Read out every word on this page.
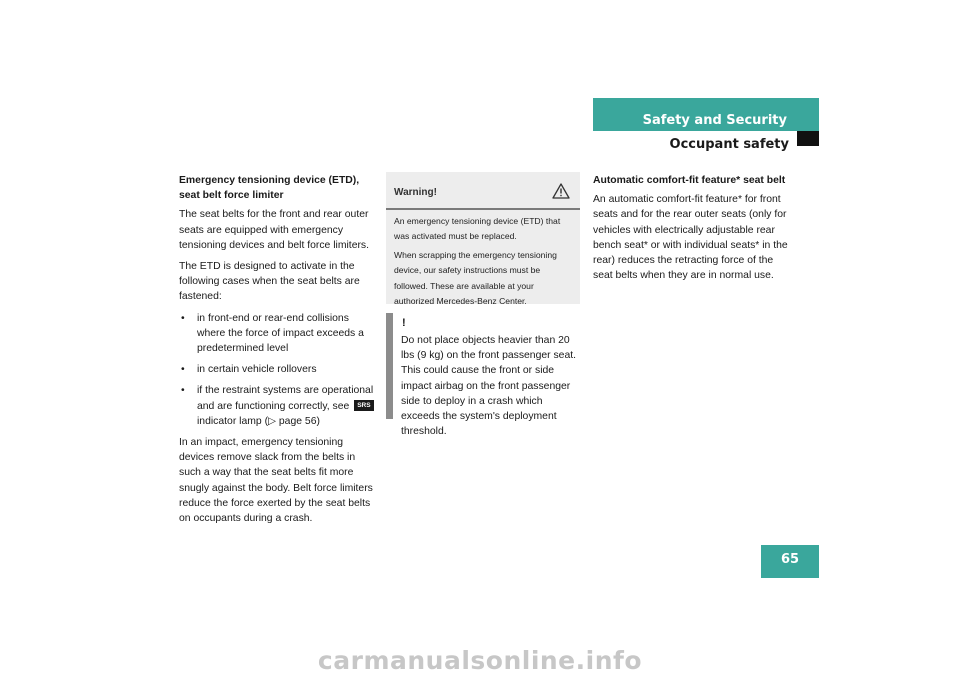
Safety and Security
Occupant safety
Emergency tensioning device (ETD), seat belt force limiter

The seat belts for the front and rear outer seats are equipped with emergency tensioning devices and belt force limiters.

The ETD is designed to activate in the following cases when the seat belts are fastened:

• in front-end or rear-end collisions where the force of impact exceeds a predetermined level
• in certain vehicle rollovers
• if the restraint systems are operational and are functioning correctly, see SRS indicator lamp (▷ page 56)

In an impact, emergency tensioning devices remove slack from the belts in such a way that the seat belts fit more snugly against the body. Belt force limiters reduce the force exerted by the seat belts on occupants during a crash.

Warning!

An emergency tensioning device (ETD) that was activated must be replaced.

When scrapping the emergency tensioning device, our safety instructions must be followed. These are available at your authorized Mercedes-Benz Center.

!
Do not place objects heavier than 20 lbs (9 kg) on the front passenger seat. This could cause the front or side impact airbag on the front passenger side to deploy in a crash which exceeds the system's deployment threshold.
Automatic comfort-fit feature* seat belt

An automatic comfort-fit feature* for front seats and for the rear outer seats (only for vehicles with electrically adjustable rear bench seat* or with individual seats* in the rear) reduces the retracting force of the seat belts when they are in normal use.

65
carmanualsonline.info
